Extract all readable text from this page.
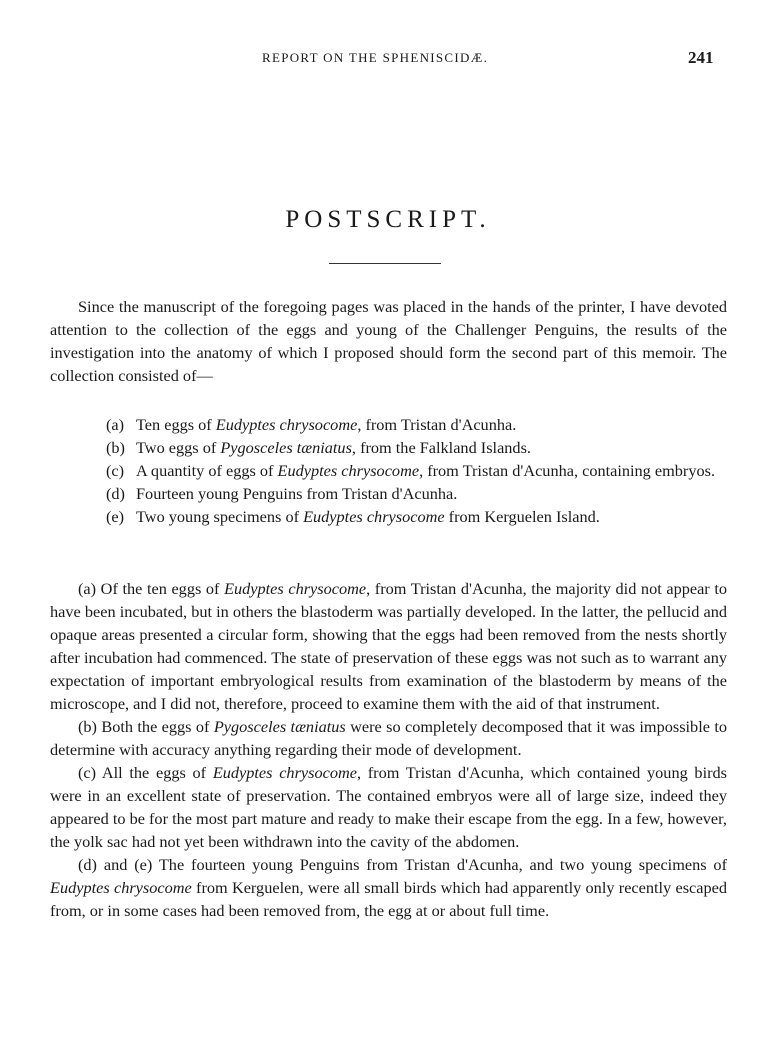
REPORT ON THE SPHENISCIDÆ.	241
POSTSCRIPT.

Since the manuscript of the foregoing pages was placed in the hands of the printer, I have devoted attention to the collection of the eggs and young of the Challenger Penguins, the results of the investigation into the anatomy of which I proposed should form the second part of this memoir. The collection consisted of—

(a) Ten eggs of Eudyptes chrysocome, from Tristan d'Acunha.
(b) Two eggs of Pygosceles tæniatus, from the Falkland Islands.
(c) A quantity of eggs of Eudyptes chrysocome, from Tristan d'Acunha, containing embryos.
(d) Fourteen young Penguins from Tristan d'Acunha.
(e) Two young specimens of Eudyptes chrysocome from Kerguelen Island.

(a) Of the ten eggs of Eudyptes chrysocome, from Tristan d'Acunha, the majority did not appear to have been incubated, but in others the blastoderm was partially developed. In the latter, the pellucid and opaque areas presented a circular form, showing that the eggs had been removed from the nests shortly after incubation had commenced. The state of preservation of these eggs was not such as to warrant any expectation of important embryological results from examination of the blastoderm by means of the microscope, and I did not, therefore, proceed to examine them with the aid of that instrument.

(b) Both the eggs of Pygosceles tæniatus were so completely decomposed that it was impossible to determine with accuracy anything regarding their mode of development.

(c) All the eggs of Eudyptes chrysocome, from Tristan d'Acunha, which contained young birds were in an excellent state of preservation. The contained embryos were all of large size, indeed they appeared to be for the most part mature and ready to make their escape from the egg. In a few, however, the yolk sac had not yet been withdrawn into the cavity of the abdomen.

(d) and (e) The fourteen young Penguins from Tristan d'Acunha, and two young specimens of Eudyptes chrysocome from Kerguelen, were all small birds which had apparently only recently escaped from, or in some cases had been removed from, the egg at or about full time.
